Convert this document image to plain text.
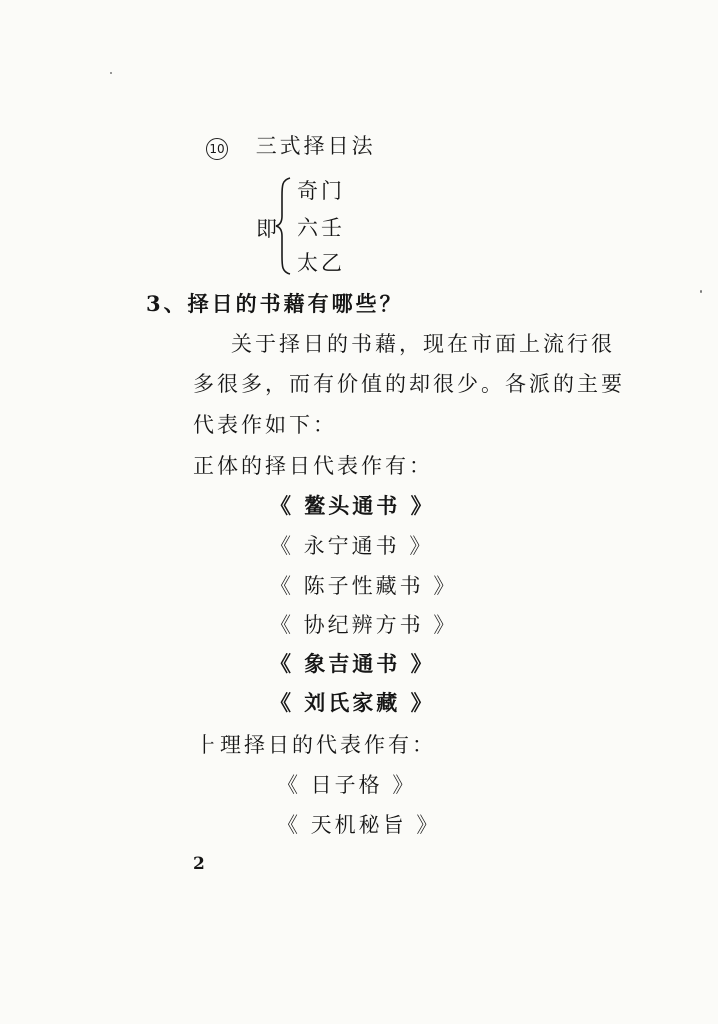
10 三式择日法
即
奇门
六壬
太乙
3、择日的书藉有哪些？
关于择日的书藉，现在市面上流行很
多很多，而有价值的却很少。各派的主要
代表作如下：
正体的择日代表作有：
《 鳌头通书 》
《 永宁通书 》
《 陈子性藏书 》
《 协纪辨方书 》
《 象吉通书 》
《 刘氏家藏 》
⺊理择日的代表作有：
《 日子格 》
《 天机秘旨 》
2
